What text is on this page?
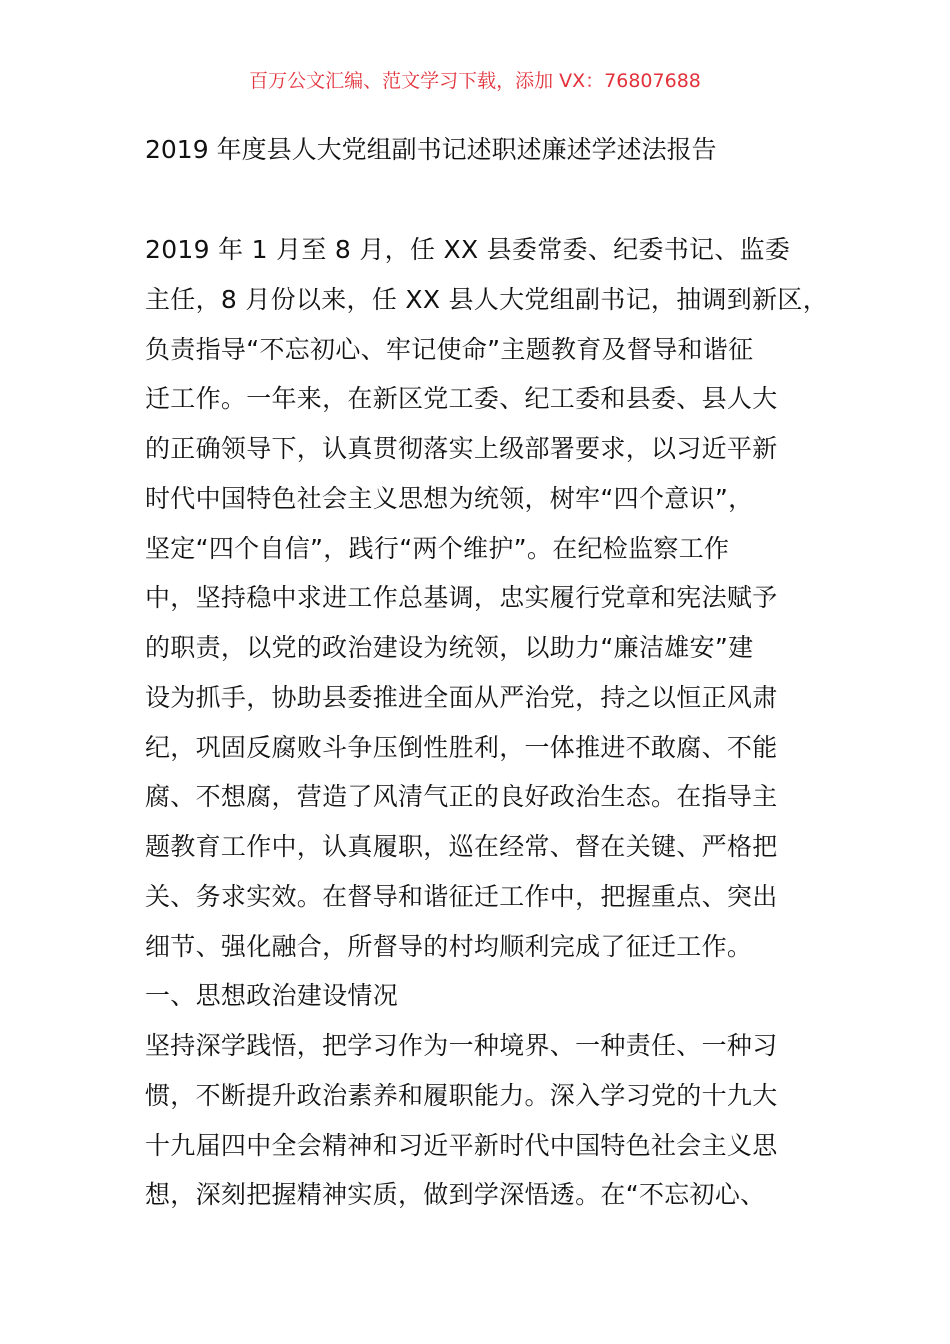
百万公文汇编、范文学习下载，添加 VX：76807688
2019 年度县人大党组副书记述职述廉述学述法报告
2019 年 1 月至 8 月，任 XX 县委常委、纪委书记、监委
主任，8 月份以来，任 XX 县人大党组副书记，抽调到新区，
负责指导“不忘初心、牢记使命”主题教育及督导和谐征
迁工作。一年来，在新区党工委、纪工委和县委、县人大
的正确领导下，认真贯彻落实上级部署要求，以习近平新
时代中国特色社会主义思想为统领，树牢“四个意识”，
坚定“四个自信”，践行“两个维护”。在纪检监察工作
中，坚持稳中求进工作总基调，忠实履行党章和宪法赋予
的职责，以党的政治建设为统领，以助力“廉洁雄安”建
设为抓手，协助县委推进全面从严治党，持之以恒正风肃
纪，巩固反腐败斗争压倒性胜利，一体推进不敢腐、不能
腐、不想腐，营造了风清气正的良好政治生态。在指导主
题教育工作中，认真履职，巡在经常、督在关键、严格把
关、务求实效。在督导和谐征迁工作中，把握重点、突出
细节、强化融合，所督导的村均顺利完成了征迁工作。
一、思想政治建设情况
坚持深学践悟，把学习作为一种境界、一种责任、一种习
惯，不断提升政治素养和履职能力。深入学习党的十九大
十九届四中全会精神和习近平新时代中国特色社会主义思
想，深刻把握精神实质，做到学深悟透。在“不忘初心、
